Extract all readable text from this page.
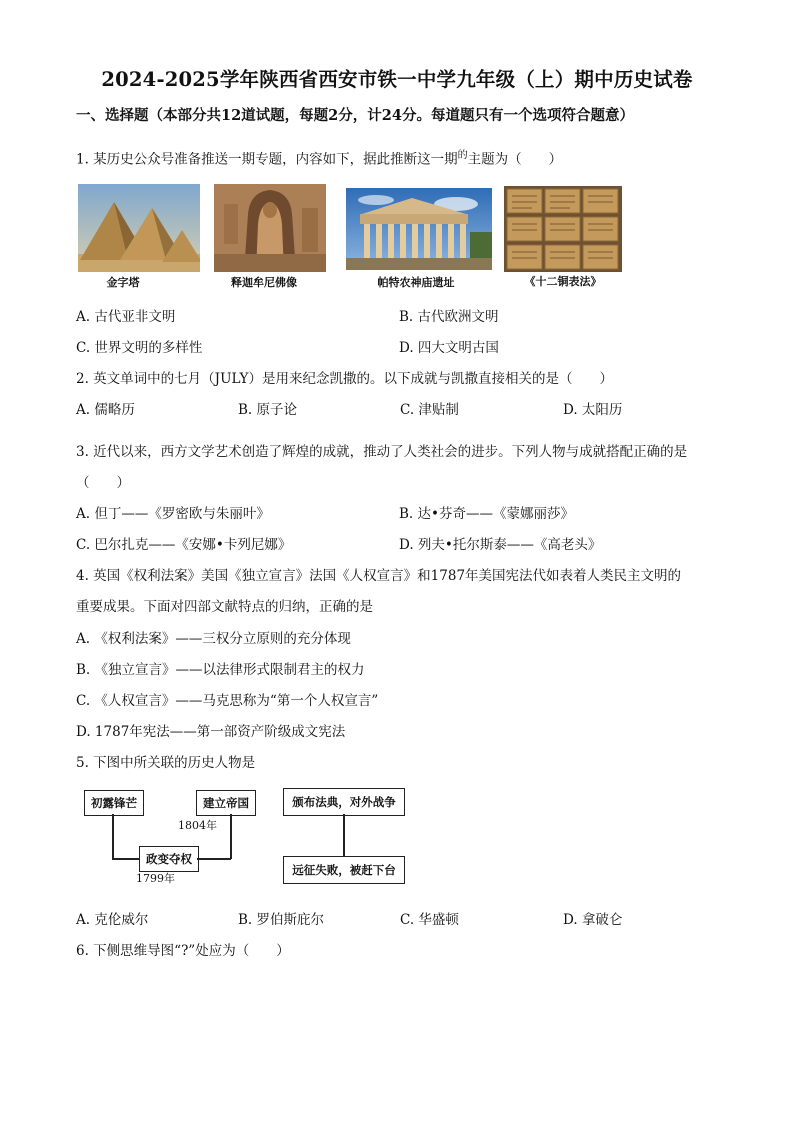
2024-2025学年陕西省西安市铁一中学九年级（上）期中历史试卷
一、选择题（本部分共12道试题，每题2分，计24分。每道题只有一个选项符合题意）
1. 某历史公众号准备推送一期专题，内容如下，据此推断这一期$^的$主题为（　　）
金字塔	释迦牟尼佛像	帕特农神庙遗址	《十二铜表法》
A. 古代亚非文明	B. 古代欧洲文明
C. 世界文明的多样性	D. 四大文明古国
2. 英文单词中的七月（JULY）是用来纪念凯撒的。以下成就与凯撒直接相关的是（　　）
A. 儒略历	B. 原子论	C. 津贴制	D. 太阳历
3. 近代以来，西方文学艺术创造了辉煌的成就，推动了人类社会的进步。下列人物与成就搭配正确的是
（　　）
A. 但丁——《罗密欧与朱丽叶》	B. 达•芬奇——《蒙娜丽莎》
C. 巴尔扎克——《安娜•卡列尼娜》	D. 列夫•托尔斯泰——《高老头》
4. 英国《权利法案》美国《独立宣言》法国《人权宣言》和1787年美国宪法代如表着人类民主文明的
重要成果。下面对四部文献特点的归纳，正确的是
A. 《权利法案》——三权分立原则的充分体现
B. 《独立宣言》——以法律形式限制君主的权力
C. 《人权宣言》——马克思称为“第一个人权宣言”
D. 1787年宪法——第一部资产阶级成文宪法
5. 下图中所关联的历史人物是
初露锋芒	建立帝国
政变夺权
1804年
1799年
颁布法典，对外战争
远征失败，被赶下台
A. 克伦威尔	B. 罗伯斯庇尔	C. 华盛顿	D. 拿破仑
6. 下侧思维导图“?”处应为（　　）
